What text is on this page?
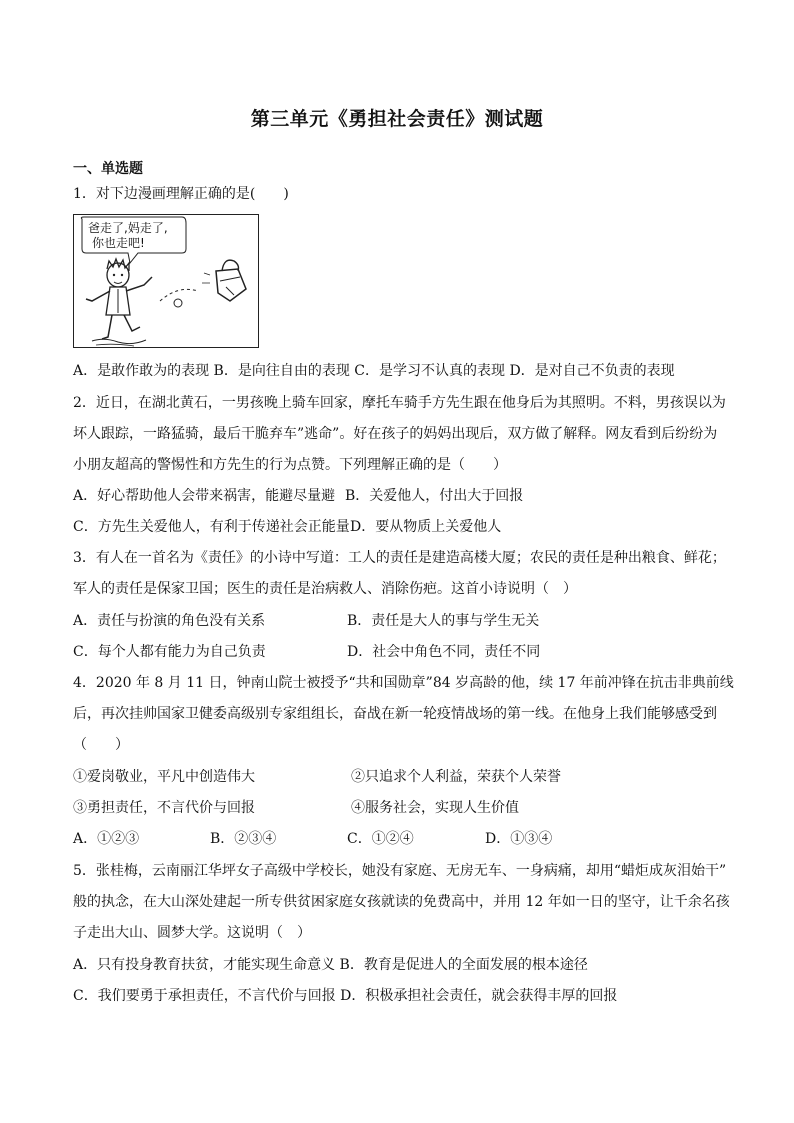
第三单元《勇担社会责任》测试题
一、单选题
1．对下边漫画理解正确的是(　　)
爸走了,妈走了,
你也走吧!
A．是敢作敢为的表现 B．是向往自由的表现 C．是学习不认真的表现 D．是对自己不负责的表现
2．近日，在湖北黄石，一男孩晚上骑车回家，摩托车骑手方先生跟在他身后为其照明。不料，男孩误以为
坏人跟踪，一路猛骑，最后干脆弃车”逃命”。好在孩子的妈妈出现后，双方做了解释。网友看到后纷纷为
小朋友超高的警惕性和方先生的行为点赞。下列理解正确的是（　　）
A．好心帮助他人会带来祸害，能避尽量避 B．关爱他人，付出大于回报
C．方先生关爱他人，有利于传递社会正能量 D．要从物质上关爱他人
3．有人在一首名为《责任》的小诗中写道：工人的责任是建造高楼大厦；农民的责任是种出粮食、鲜花；
军人的责任是保家卫国；医生的责任是治病救人、消除伤疤。这首小诗说明（　）
A．责任与扮演的角色没有关系	B．责任是大人的事与学生无关
C．每个人都有能力为自己负责	D．社会中角色不同，责任不同
4．2020 年 8 月 11 日，钟南山院士被授予“共和国勋章”84 岁高龄的他，续 17 年前冲锋在抗击非典前线
后，再次挂帅国家卫健委高级别专家组组长，奋战在新一轮疫情战场的第一线。在他身上我们能够感受到
（　　）
①爱岗敬业，平凡中创造伟大	②只追求个人利益，荣获个人荣誉
③勇担责任，不言代价与回报	④服务社会，实现人生价值
A．①②③	B．②③④	C．①②④	D．①③④
5．张桂梅，云南丽江华坪女子高级中学校长，她没有家庭、无房无车、一身病痛，却用“蜡炬成灰泪始干”
般的执念，在大山深处建起一所专供贫困家庭女孩就读的免费高中，并用 12 年如一日的坚守，让千余名孩
子走出大山、圆梦大学。这说明（　）
A．只有投身教育扶贫，才能实现生命意义 B．教育是促进人的全面发展的根本途径
C．我们要勇于承担责任，不言代价与回报 D．积极承担社会责任，就会获得丰厚的回报
